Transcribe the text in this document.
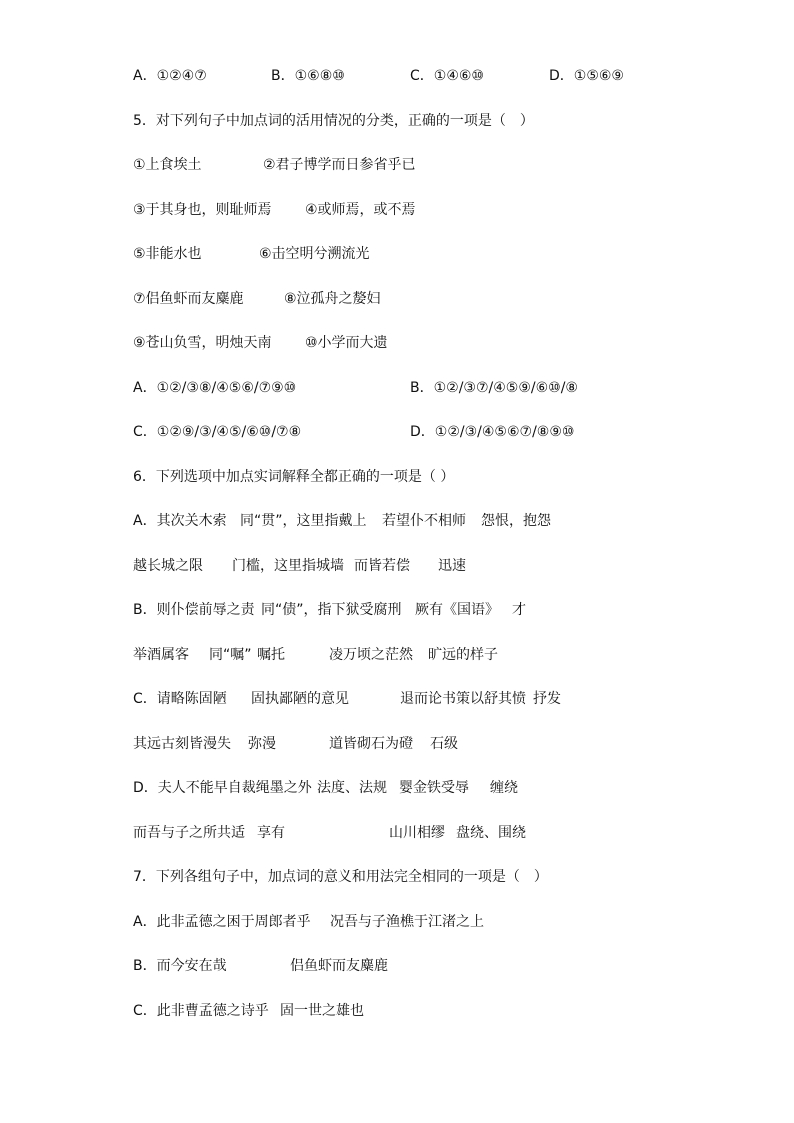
A．①②④⑦	B．①⑥⑧⑩	C．①④⑥⑩	D．①⑤⑥⑨
5．对下列句子中加点词的活用情况的分类，正确的一项是（　）
①上食埃土	②君子博学而日参省乎已
③于其身也，则耻师焉 ④或师焉，或不焉
⑤非能水也	⑥击空明兮溯流光
⑦侣鱼虾而友麋鹿	⑧泣孤舟之嫠妇
⑨苍山负雪，明烛天南 ⑩小学而大遗
A．①②/③⑧/④⑤⑥/⑦⑨⑩	B．①②/③⑦/④⑤⑨/⑥⑩/⑧
C．①②⑨/③/④⑤/⑥⑩/⑦⑧	D．①②/③/④⑤⑥⑦/⑧⑨⑩
6．下列选项中加点实词解释全都正确的一项是（ ）
A．其次关木索 同“贯”，这里指戴上 若望仆不相师 怨恨，抱怨
越长城之限 门槛，这里指城墙 而皆若偿 迅速
B．则仆偿前辱之责 同“债”，指下狱受腐刑 厥有《国语》 才
举酒属客 同“嘱” 嘱托	凌万顷之茫然 旷远的样子
C．请略陈固陋 固执鄙陋的意见	退而论书策以舒其愤 抒发
其远古刻皆漫失 弥漫	道皆砌石为磴 石级
D．夫人不能早自裁绳墨之外 法度、法规 婴金铁受辱 缠绕
而吾与子之所共适 享有	山川相缪 盘绕、围绕
7．下列各组句子中，加点词的意义和用法完全相同的一项是（　）
A．此非孟德之困于周郎者乎 况吾与子渔樵于江渚之上
B．而今安在哉	侣鱼虾而友麋鹿
C．此非曹孟德之诗乎 固一世之雄也
